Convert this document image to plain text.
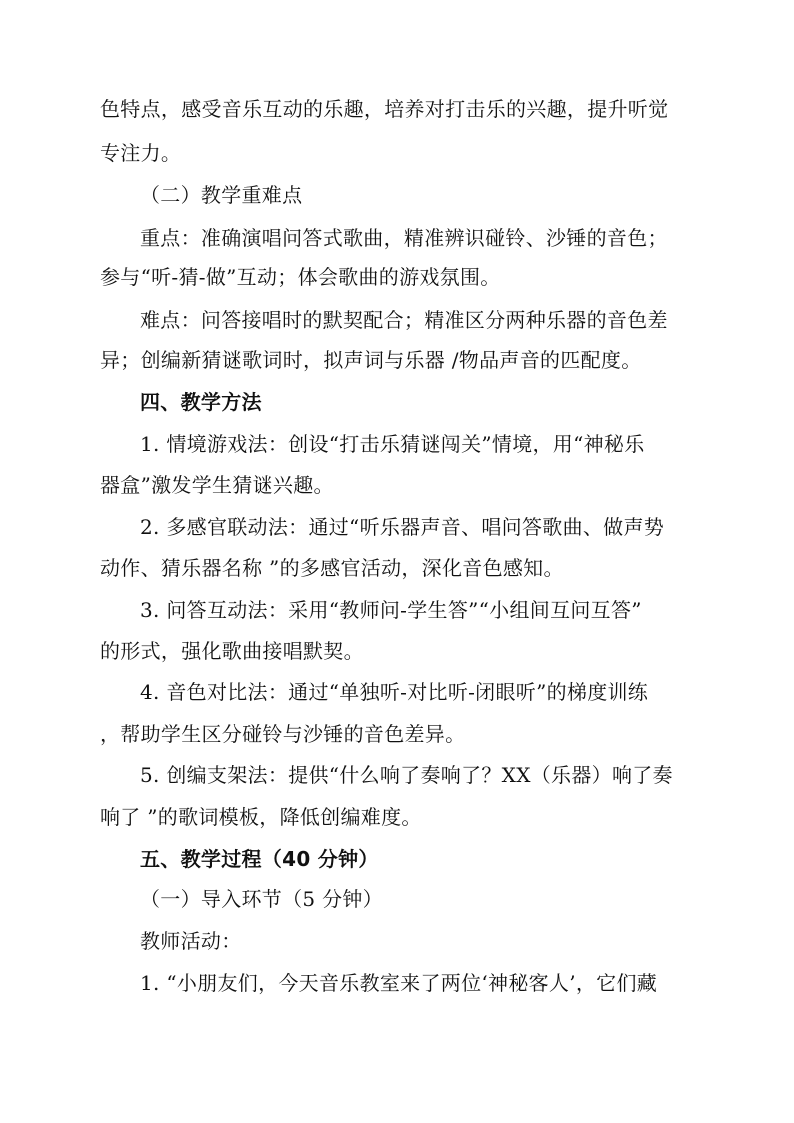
色特点，感受音乐互动的乐趣，培养对打击乐的兴趣，提升听觉
专注力。
（二）教学重难点
重点：准确演唱问答式歌曲，精准辨识碰铃、沙锤的音色；
参与“听-猜-做”互动；体会歌曲的游戏氛围。
难点：问答接唱时的默契配合；精准区分两种乐器的音色差
异；创编新猜谜歌词时，拟声词与乐器 /物品声音的匹配度。
四、教学方法
1. 情境游戏法：创设“打击乐猜谜闯关”情境，用“神秘乐
器盒”激发学生猜谜兴趣。
2. 多感官联动法：通过“听乐器声音、唱问答歌曲、做声势
动作、猜乐器名称 ”的多感官活动，深化音色感知。
3. 问答互动法：采用“教师问-学生答”“小组间互问互答”
的形式，强化歌曲接唱默契。
4. 音色对比法：通过“单独听-对比听-闭眼听”的梯度训练
，帮助学生区分碰铃与沙锤的音色差异。
5. 创编支架法：提供“什么响了奏响了？XX（乐器）响了奏
响了 ”的歌词模板，降低创编难度。
五、教学过程（40 分钟）
（一）导入环节（5 分钟）
教师活动：
1. “小朋友们，今天音乐教室来了两位‘神秘客人’，它们藏
